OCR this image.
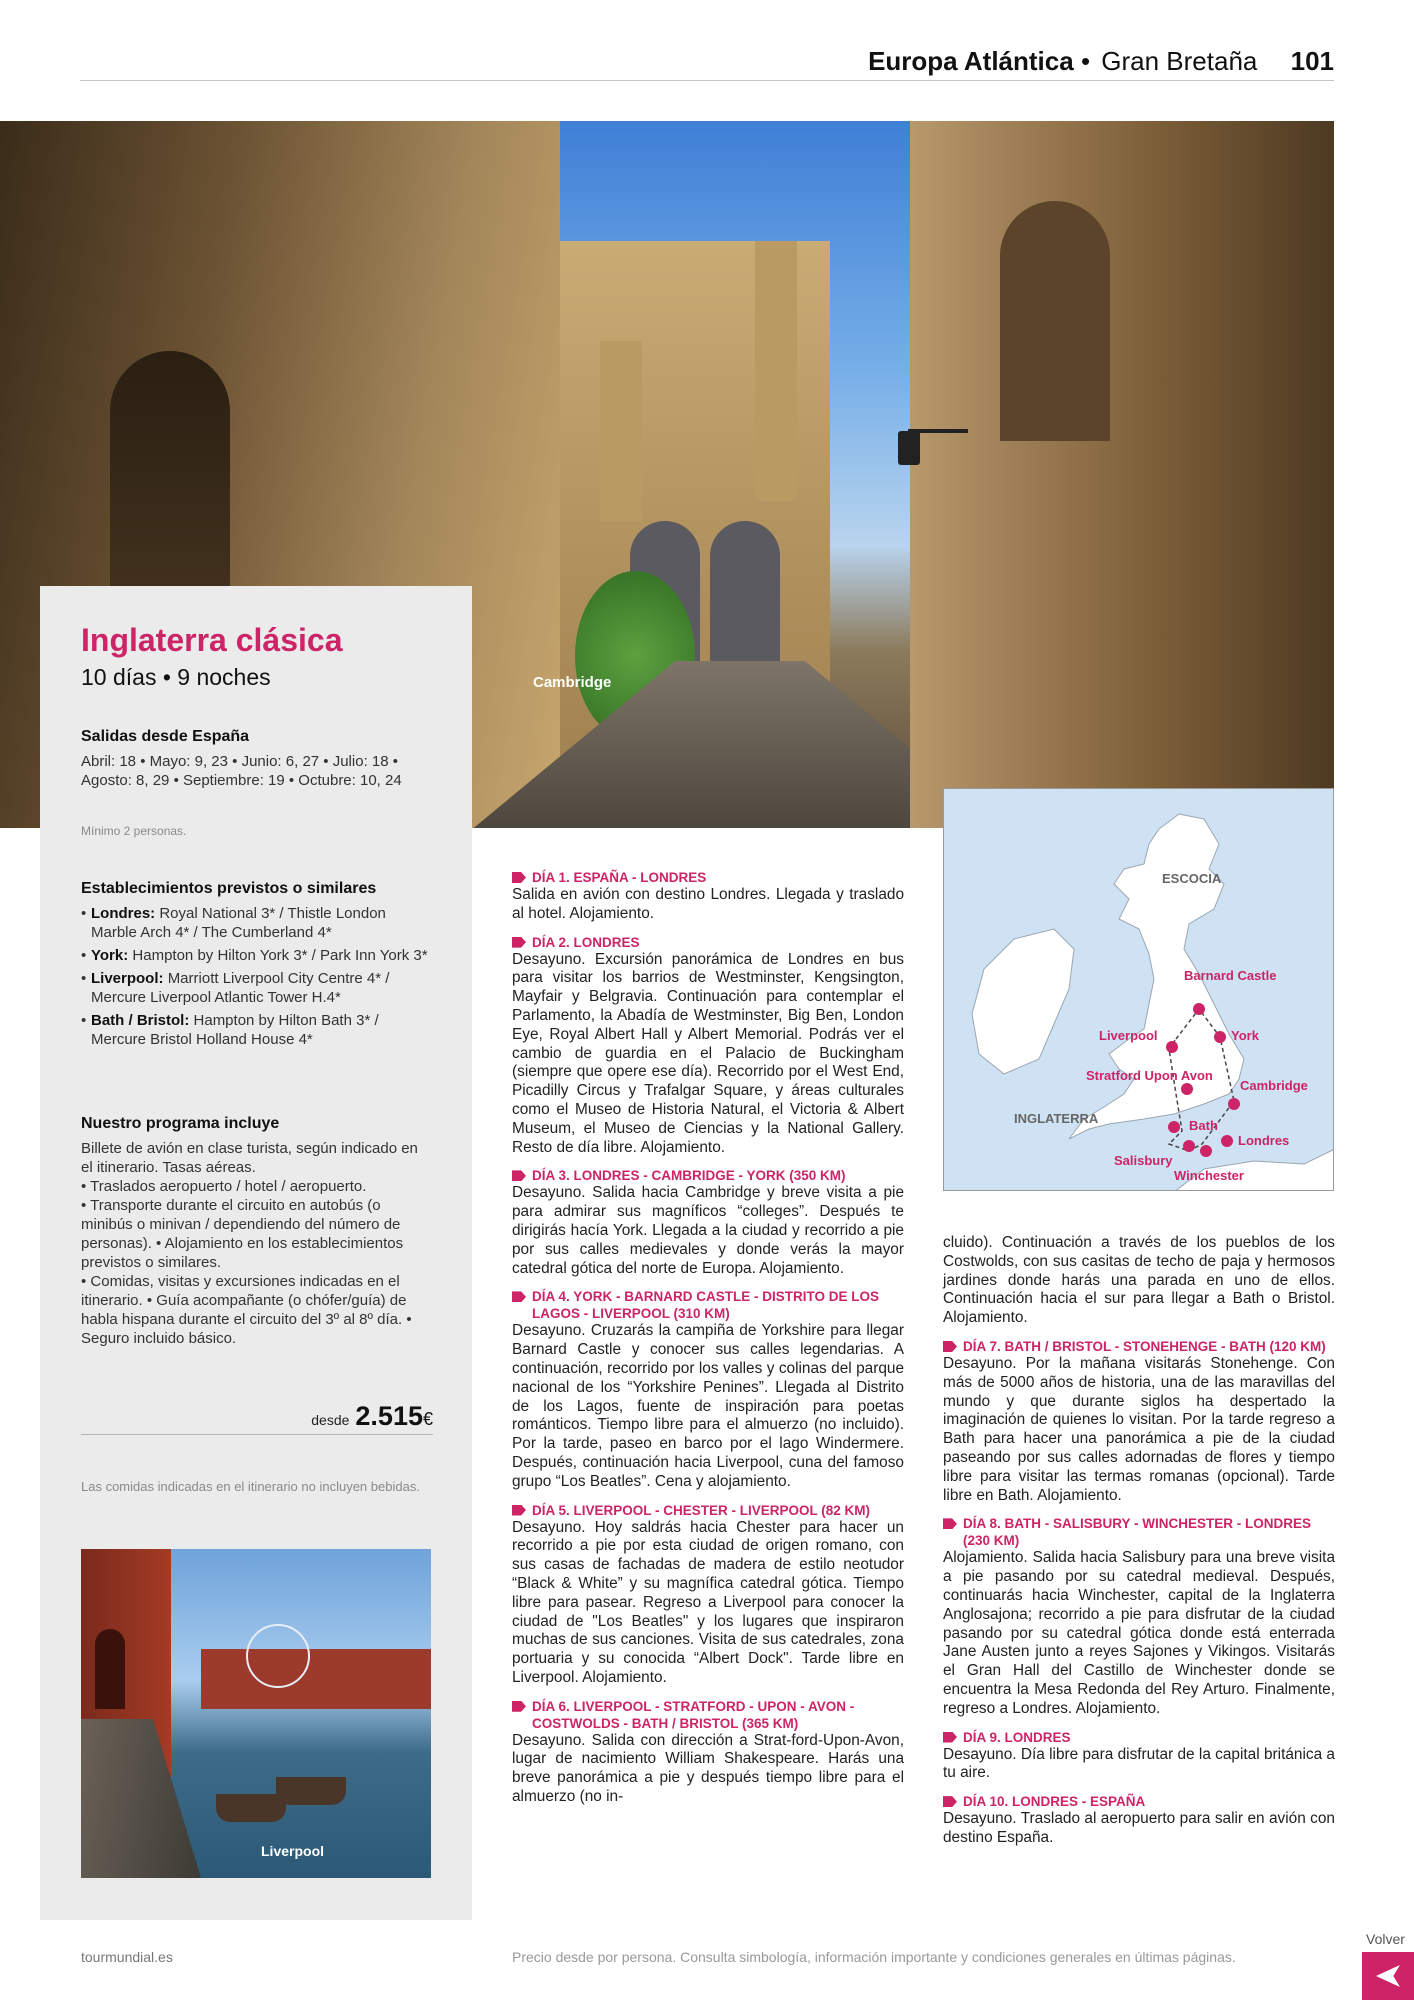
Europa Atlántica • Gran Bretaña 101
Cambridge
Inglaterra clásica
10 días • 9 noches
Salidas desde España
Abril: 18 • Mayo: 9, 23 • Junio: 6, 27 • Julio: 18 • Agosto: 8, 29 • Septiembre: 19 • Octubre: 10, 24
Mínimo 2 personas.
Establecimientos previstos o similares
• Londres: Royal National 3* / Thistle London Marble Arch 4* / The Cumberland 4*
• York: Hampton by Hilton York 3* / Park Inn York 3*
• Liverpool: Marriott Liverpool City Centre 4* / Mercure Liverpool Atlantic Tower H.4*
• Bath / Bristol: Hampton by Hilton Bath 3* / Mercure Bristol Holland House 4*
Nuestro programa incluye
Billete de avión en clase turista, según indicado en el itinerario. Tasas aéreas.
• Traslados aeropuerto / hotel / aeropuerto.
• Transporte durante el circuito en autobús (o minibús o minivan / dependiendo del número de personas). • Alojamiento en los establecimientos previstos o similares.
• Comidas, visitas y excursiones indicadas en el itinerario. • Guía acompañante (o chófer/guía) de habla hispana durante el circuito del 3º al 8º día. • Seguro incluido básico.
desde 2.515€
Las comidas indicadas en el itinerario no incluyen bebidas.
Liverpool
DÍA 1. ESPAÑA - LONDRES
Salida en avión con destino Londres. Llegada y traslado al hotel. Alojamiento.
DÍA 2. LONDRES
Desayuno. Excursión panorámica de Londres en bus para visitar los barrios de Westminster, Kengsington, Mayfair y Belgravia. Continuación para contemplar el Parlamento, la Abadía de Westminster, Big Ben, London Eye, Royal Albert Hall y Albert Memorial. Podrás ver el cambio de guardia en el Palacio de Buckingham (siempre que opere ese día). Recorrido por el West End, Picadilly Circus y Trafalgar Square, y áreas culturales como el Museo de Historia Natural, el Victoria & Albert Museum, el Museo de Ciencias y la National Gallery. Resto de día libre. Alojamiento.
DÍA 3. LONDRES - CAMBRIDGE - YORK (350 KM)
Desayuno. Salida hacia Cambridge y breve visita a pie para admirar sus magníficos “colleges”. Después te dirigirás hacía York. Llegada a la ciudad y recorrido a pie por sus calles medievales y donde verás la mayor catedral gótica del norte de Europa. Alojamiento.
DÍA 4. YORK - BARNARD CASTLE - DISTRITO DE LOS LAGOS - LIVERPOOL (310 KM)
Desayuno. Cruzarás la campiña de Yorkshire para llegar Barnard Castle y conocer sus calles legendarias. A continuación, recorrido por los valles y colinas del parque nacional de los “Yorkshire Penines”. Llegada al Distrito de los Lagos, fuente de inspiración para poetas románticos. Tiempo libre para el almuerzo (no incluido). Por la tarde, paseo en barco por el lago Windermere. Después, continuación hacia Liverpool, cuna del famoso grupo “Los Beatles”. Cena y alojamiento.
DÍA 5. LIVERPOOL - CHESTER - LIVERPOOL (82 KM)
Desayuno. Hoy saldrás hacia Chester para hacer un recorrido a pie por esta ciudad de origen romano, con sus casas de fachadas de madera de estilo neotudor “Black & White” y su magnífica catedral gótica. Tiempo libre para pasear. Regreso a Liverpool para conocer la ciudad de "Los Beatles" y los lugares que inspiraron muchas de sus canciones. Visita de sus catedrales, zona portuaria y su conocida “Albert Dock". Tarde libre en Liverpool. Alojamiento.
DÍA 6. LIVERPOOL - STRATFORD - UPON - AVON - COSTWOLDS - BATH / BRISTOL (365 KM)
Desayuno. Salida con dirección a Strat-ford-Upon-Avon, lugar de nacimiento William Shakespeare. Harás una breve panorámica a pie y después tiempo libre para el almuerzo (no in-
ESCOCIA
INGLATERRA
Barnard Castle
York
Liverpool
Stratford Upon Avon
Cambridge
Bath
Londres
Salisbury
Winchester
cluido). Continuación a través de los pueblos de los Costwolds, con sus casitas de techo de paja y hermosos jardines donde harás una parada en uno de ellos. Continuación hacia el sur para llegar a Bath o Bristol. Alojamiento.
DÍA 7. BATH / BRISTOL - STONEHENGE - BATH (120 KM)
Desayuno. Por la mañana visitarás Stonehenge. Con más de 5000 años de historia, una de las maravillas del mundo y que durante siglos ha despertado la imaginación de quienes lo visitan. Por la tarde regreso a Bath para hacer una panorámica a pie de la ciudad paseando por sus calles adornadas de flores y tiempo libre para visitar las termas romanas (opcional). Tarde libre en Bath. Alojamiento.
DÍA 8. BATH - SALISBURY - WINCHESTER - LONDRES (230 KM)
Alojamiento. Salida hacia Salisbury para una breve visita a pie pasando por su catedral medieval. Después, continuarás hacia Winchester, capital de la Inglaterra Anglosajona; recorrido a pie para disfrutar de la ciudad pasando por su catedral gótica donde está enterrada Jane Austen junto a reyes Sajones y Vikingos. Visitarás el Gran Hall del Castillo de Winchester donde se encuentra la Mesa Redonda del Rey Arturo. Finalmente, regreso a Londres. Alojamiento.
DÍA 9. LONDRES
Desayuno. Día libre para disfrutar de la capital británica a tu aire.
DÍA 10. LONDRES - ESPAÑA
Desayuno. Traslado al aeropuerto para salir en avión con destino España.
tourmundial.es	Precio desde por persona. Consulta simbología, información importante y condiciones generales en últimas páginas.
Volver
